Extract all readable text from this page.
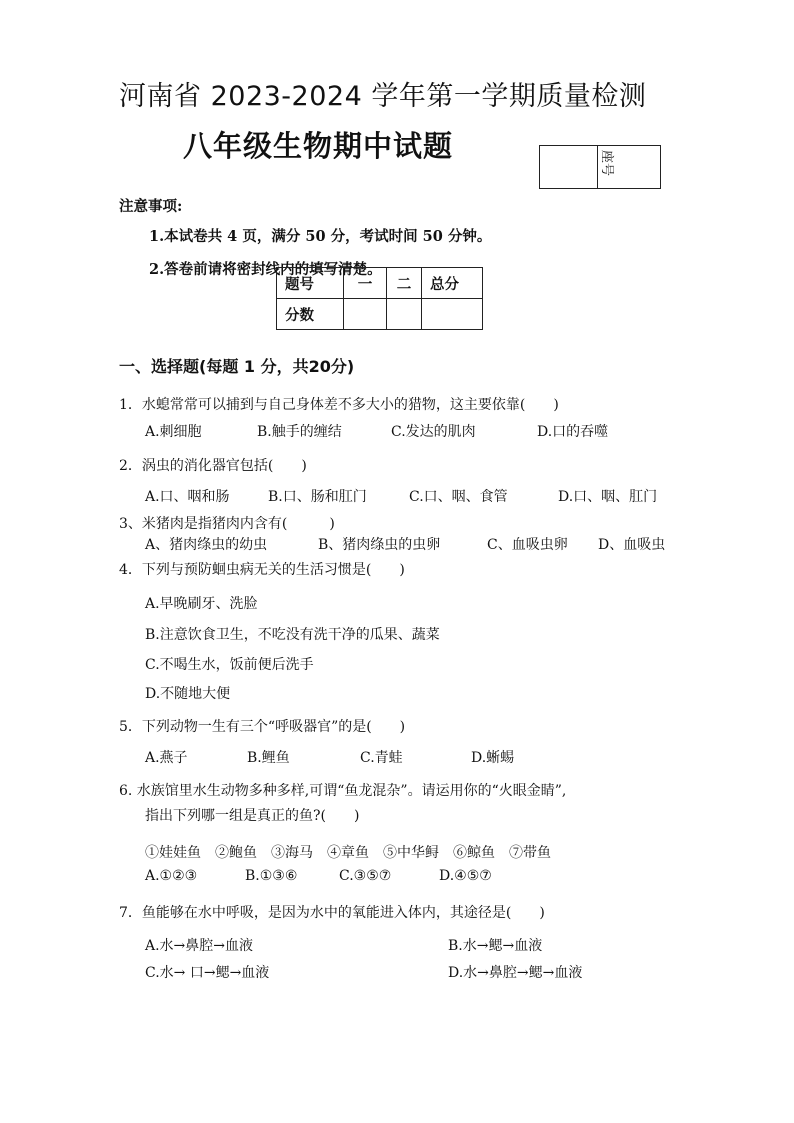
河南省 2023-2024 学年第一学期质量检测
八年级生物期中试题
座号
注意事项:
1.本试卷共 4 页，满分 50 分，考试时间 50 分钟。
2.答卷前请将密封线内的填写清楚。
题号	一	二	总分
分数			
一、选择题(每题 1 分，共20分)
1．水螅常常可以捕到与自己身体差不多大小的猎物，这主要依靠(　　)
A.刺细胞	B.触手的缠结	C.发达的肌肉	D.口的吞噬
2．涡虫的消化器官包括(　　)
A.口、咽和肠	B.口、肠和肛门	C.口、咽、食管	D.口、咽、肛门
3、米猪肉是指猪肉内含有(　　　)
A、猪肉绦虫的幼虫	B、猪肉绦虫的虫卵	C、血吸虫卵 D、血吸虫
4．下列与预防蛔虫病无关的生活习惯是(　　)
A.早晚刷牙、洗脸
B.注意饮食卫生，不吃没有洗干净的瓜果、蔬菜
C.不喝生水，饭前便后洗手
D.不随地大便
5．下列动物一生有三个“呼吸器官”的是(　　)
A.燕子	B.鲤鱼	C.青蛙	D.蜥蜴
6. 水族馆里水生动物多种多样,可谓“鱼龙混杂”。请运用你的“火眼金睛”,
指出下列哪一组是真正的鱼?(　　)
①娃娃鱼　②鲍鱼　③海马　④章鱼　⑤中华鲟　⑥鲸鱼　⑦带鱼
A.①②③	B.①③⑥	C.③⑤⑦	D.④⑤⑦
7．鱼能够在水中呼吸，是因为水中的氧能进入体内，其途径是(　　)
A.水→鼻腔→血液	B.水→鳃→血液
C.水→ 口→鳃→血液	D.水→鼻腔→鳃→血液
